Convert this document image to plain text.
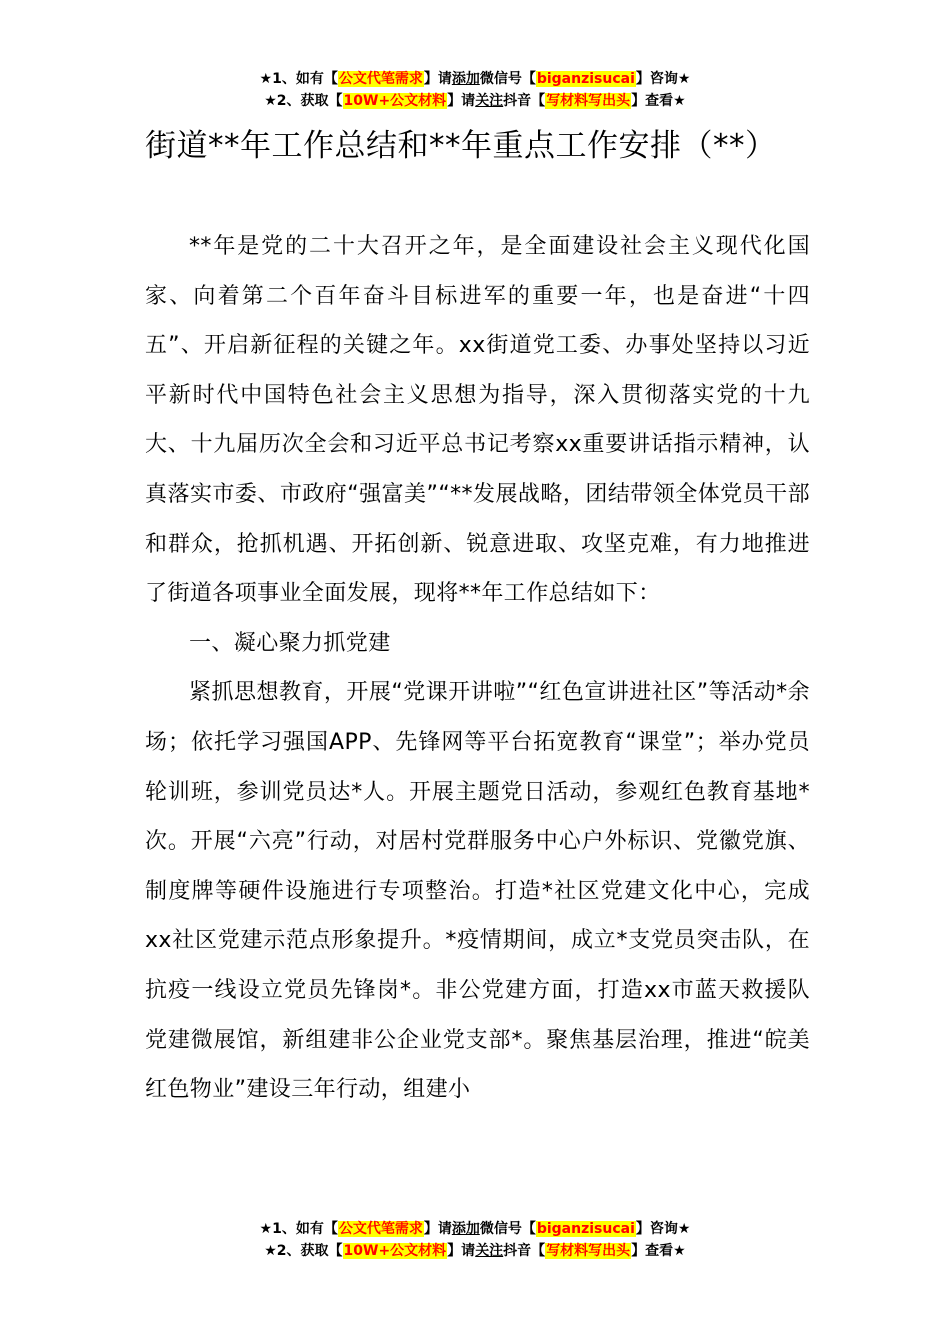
★1、如有【公文代笔需求】请添加微信号【biganzisucai】咨询★
★2、获取【10W+公文材料】请关注抖音【写材料写出头】查看★
街道**年工作总结和**年重点工作安排（**）

**年是党的二十大召开之年，是全面建设社会主义现代化国家、向着第二个百年奋斗目标进军的重要一年，也是奋进“十四五”、开启新征程的关键之年。xx街道党工委、办事处坚持以习近平新时代中国特色社会主义思想为指导，深入贯彻落实党的十九大、十九届历次全会和习近平总书记考察xx重要讲话指示精神，认真落实市委、市政府“强富美”“**发展战略，团结带领全体党员干部和群众，抢抓机遇、开拓创新、锐意进取、攻坚克难，有力地推进了街道各项事业全面发展，现将**年工作总结如下：

一、凝心聚力抓党建

紧抓思想教育，开展“党课开讲啦”“红色宣讲进社区”等活动*余场；依托学习强国APP、先锋网等平台拓宽教育“课堂”；举办党员轮训班，参训党员达*人。开展主题党日活动，参观红色教育基地*次。开展“六亮”行动，对居村党群服务中心户外标识、党徽党旗、制度牌等硬件设施进行专项整治。打造*社区党建文化中心，完成xx社区党建示范点形象提升。*疫情期间，成立*支党员突击队，在抗疫一线设立党员先锋岗*。非公党建方面，打造xx市蓝天救援队党建微展馆，新组建非公企业党支部*。聚焦基层治理，推进“皖美红色物业”建设三年行动，组建小

★1、如有【公文代笔需求】请添加微信号【biganzisucai】咨询★
★2、获取【10W+公文材料】请关注抖音【写材料写出头】查看★
